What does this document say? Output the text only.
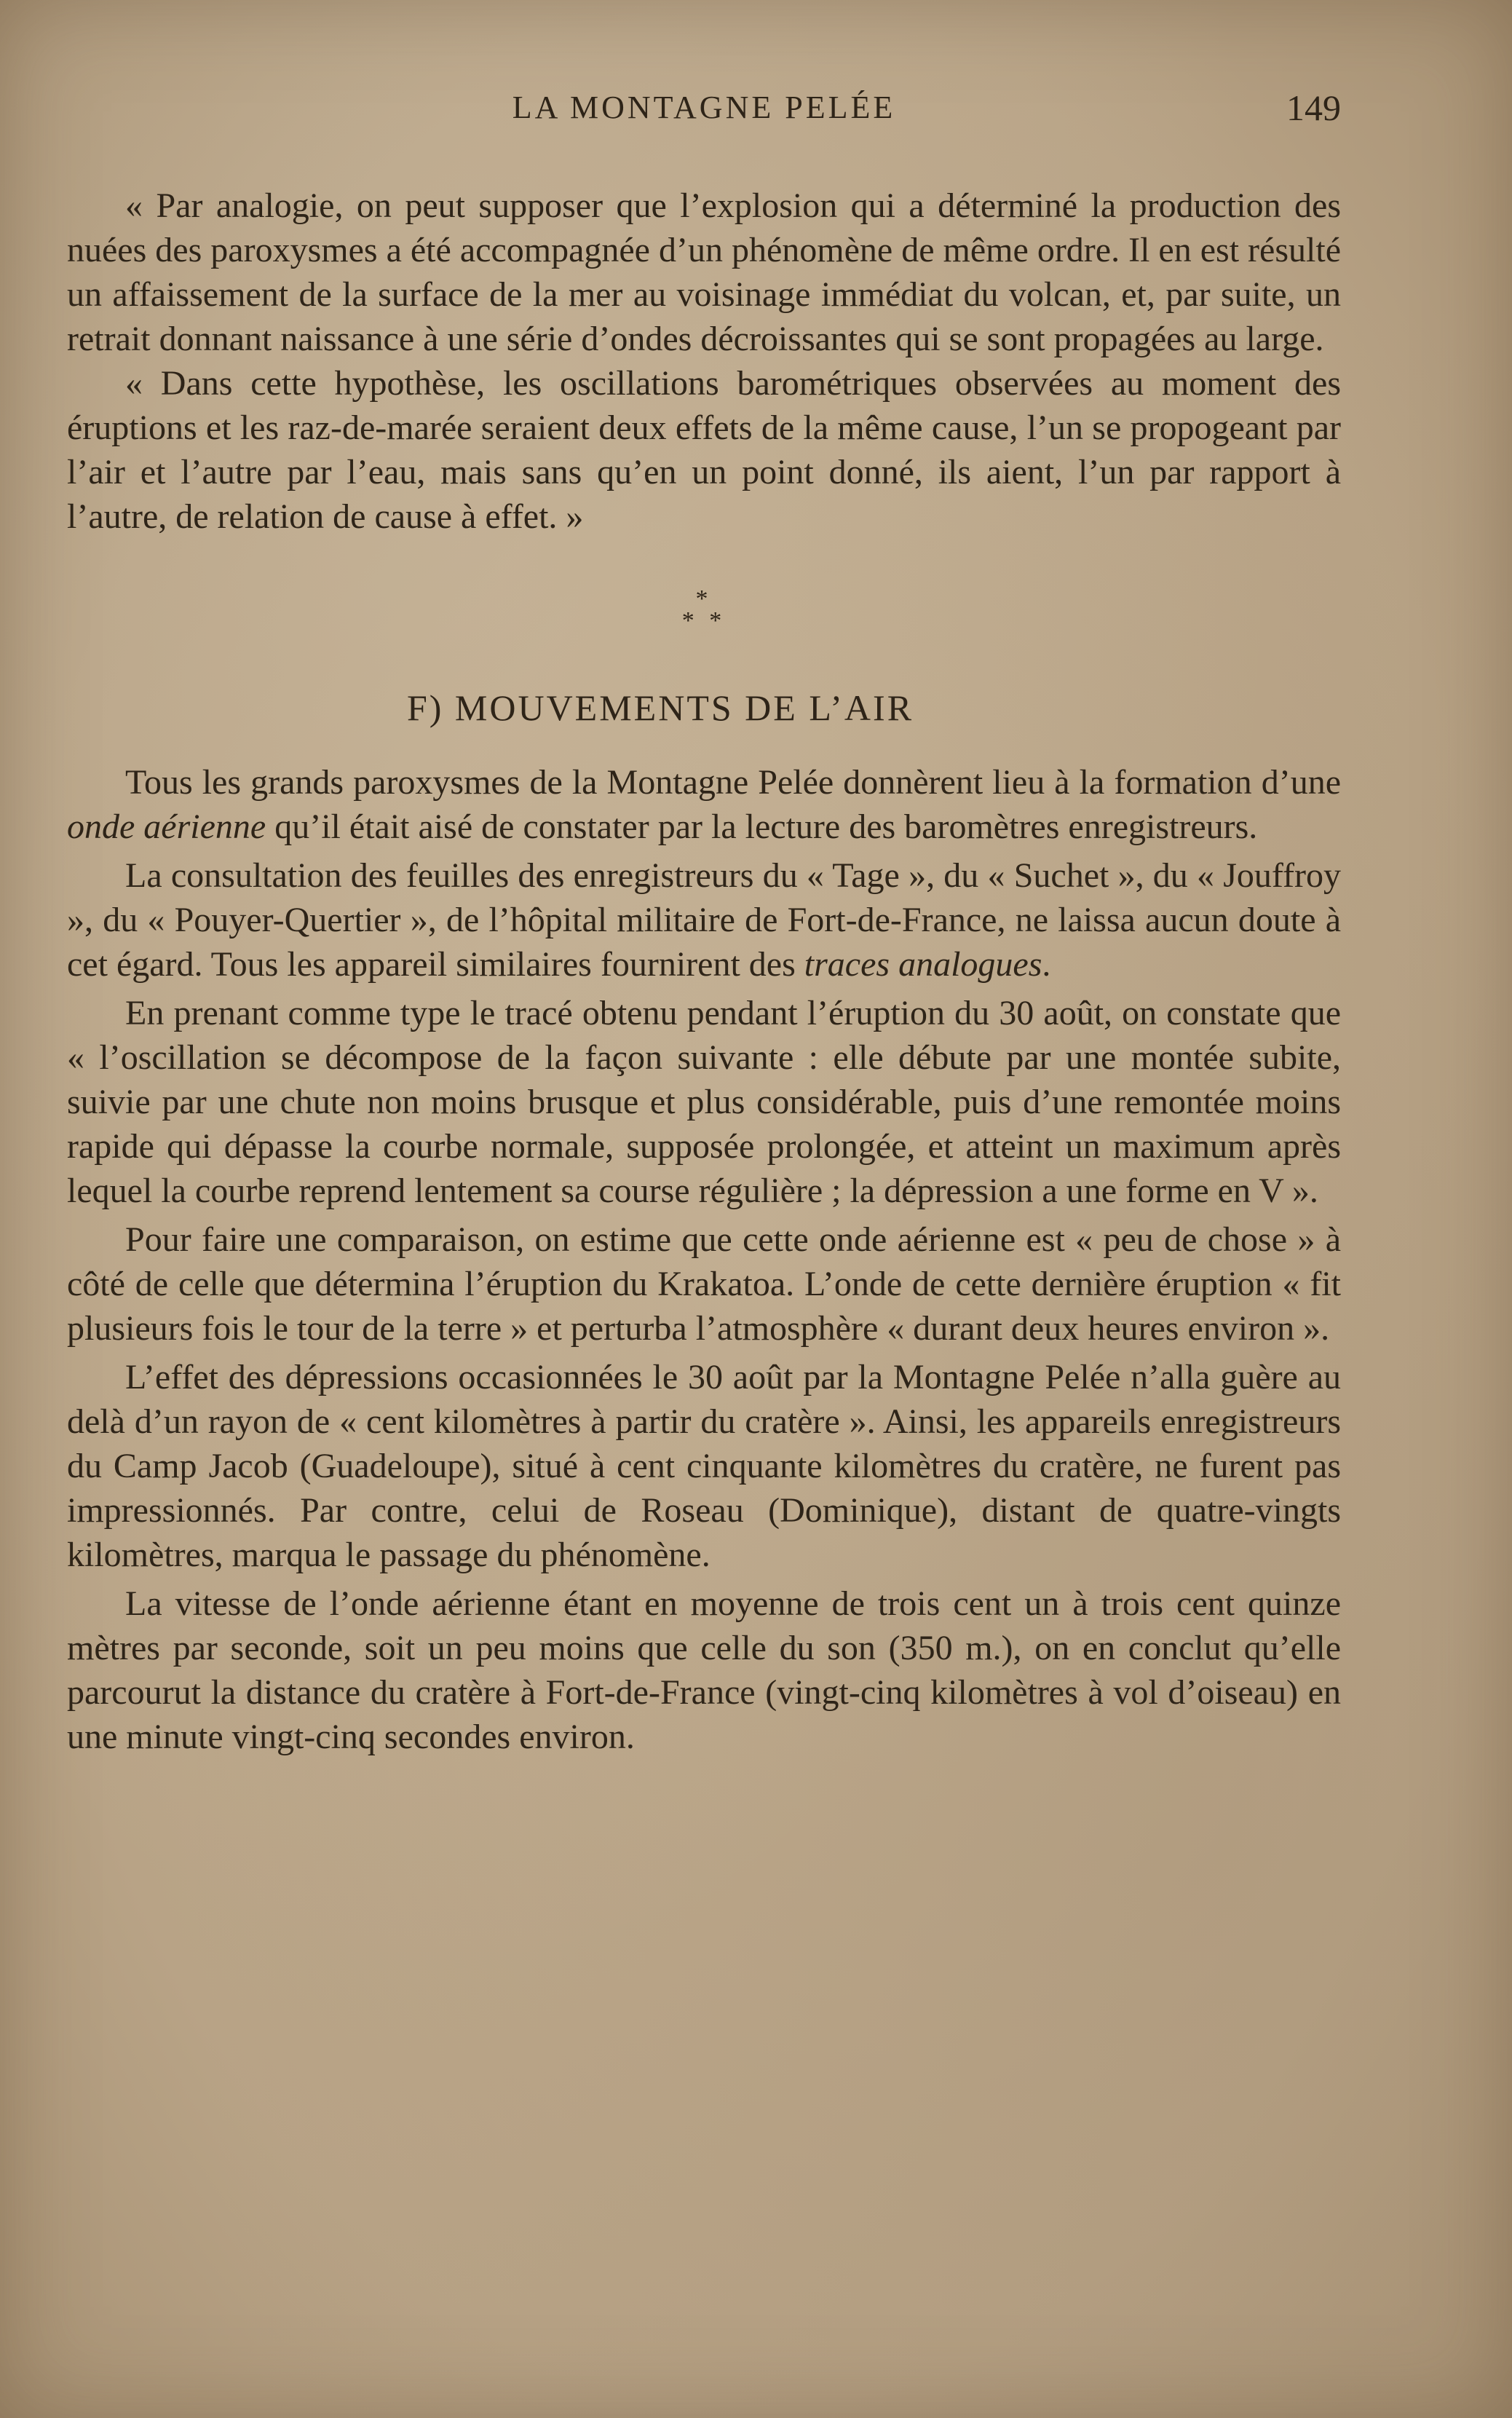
LA MONTAGNE PELÉE	149

« Par analogie, on peut supposer que l’explosion qui a déterminé la production des nuées des paroxysmes a été accompagnée d’un phénomène de même ordre. Il en est résulté un affaissement de la surface de la mer au voisinage immédiat du volcan, et, par suite, un retrait donnant naissance à une série d’ondes décroissantes qui se sont propagées au large.

« Dans cette hypothèse, les oscillations barométriques observées au moment des éruptions et les raz-de-marée seraient deux effets de la même cause, l’un se propogeant par l’air et l’autre par l’eau, mais sans qu’en un point donné, ils aient, l’un par rapport à l’autre, de relation de cause à effet. »

*
* *
F) MOUVEMENTS DE L’AIR

Tous les grands paroxysmes de la Montagne Pelée donnèrent lieu à la formation d’une onde aérienne qu’il était aisé de constater par la lecture des baromètres enregistreurs.

La consultation des feuilles des enregistreurs du « Tage », du « Suchet », du « Jouffroy », du « Pouyer-Quertier », de l’hôpital militaire de Fort-de-France, ne laissa aucun doute à cet égard. Tous les appareil similaires fournirent des traces analogues.

En prenant comme type le tracé obtenu pendant l’éruption du 30 août, on constate que « l’oscillation se décompose de la façon suivante : elle débute par une montée subite, suivie par une chute non moins brusque et plus considérable, puis d’une remontée moins rapide qui dépasse la courbe normale, supposée prolongée, et atteint un maximum après lequel la courbe reprend lentement sa course régulière ; la dépression a une forme en V ».

Pour faire une comparaison, on estime que cette onde aérienne est « peu de chose » à côté de celle que détermina l’éruption du Krakatoa. L’onde de cette dernière éruption « fit plusieurs fois le tour de la terre » et perturba l’atmosphère « durant deux heures environ ».

L’effet des dépressions occasionnées le 30 août par la Montagne Pelée n’alla guère au delà d’un rayon de « cent kilomètres à partir du cratère ». Ainsi, les appareils enregistreurs du Camp Jacob (Guadeloupe), situé à cent cinquante kilomètres du cratère, ne furent pas impressionnés. Par contre, celui de Roseau (Dominique), distant de quatre-vingts kilomètres, marqua le passage du phénomène.

La vitesse de l’onde aérienne étant en moyenne de trois cent un à trois cent quinze mètres par seconde, soit un peu moins que celle du son (350 m.), on en conclut qu’elle parcourut la distance du cratère à Fort-de-France (vingt-cinq kilomètres à vol d’oiseau) en une minute vingt-cinq secondes environ.
